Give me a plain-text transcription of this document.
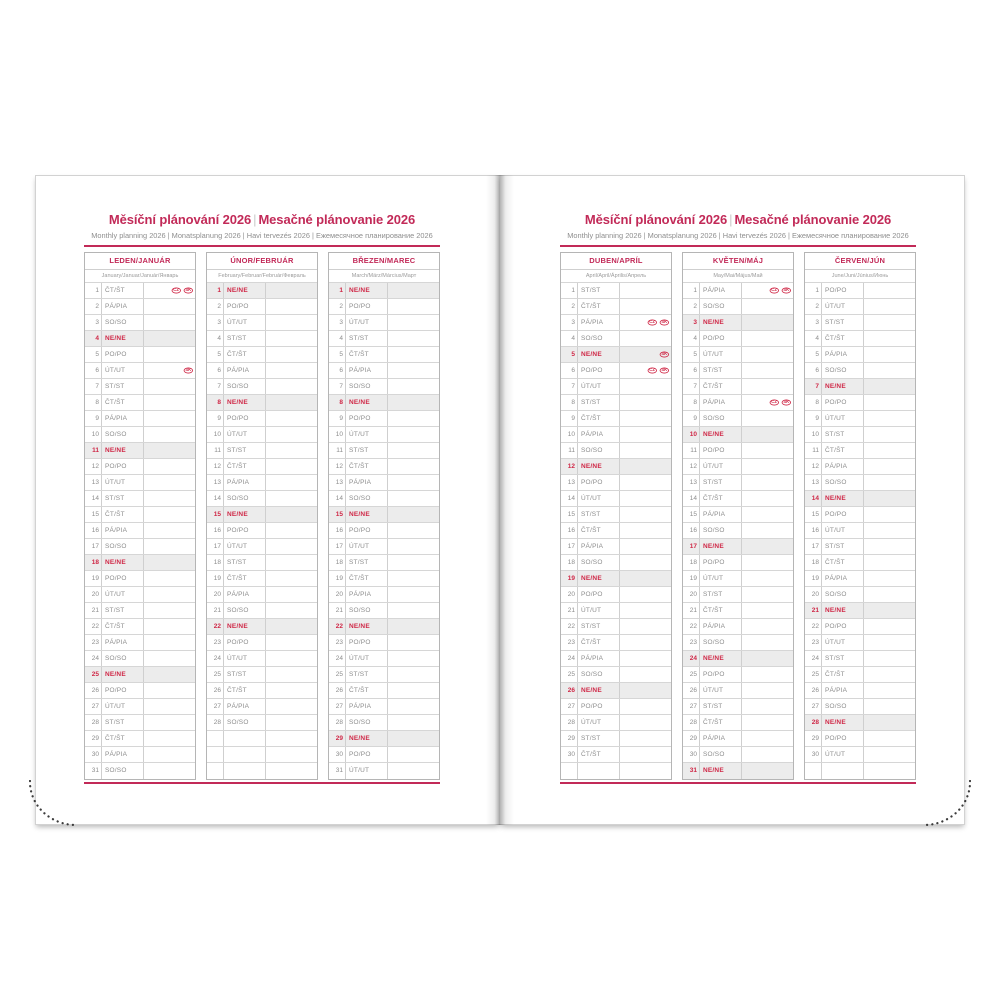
Měsíční plánování 2026 | Mesačné plánovanie 2026
Monthly planning 2026 | Monatsplanung 2026 | Havi tervezés 2026 | Ежемесячное планирование 2026
LEDEN/JANUÁR
January/Januar/Január/Январь
1 ČT/ŠT	CZ	SK
2 PÁ/PIA
3 SO/SO
4 NE/NE
5 PO/PO
6 ÚT/UT	SK
7 ST/ST
8 ČT/ŠT
9 PÁ/PIA
10 SO/SO
11 NE/NE
12 PO/PO
13 ÚT/UT
14 ST/ST
15 ČT/ŠT
16 PÁ/PIA
17 SO/SO
18 NE/NE
19 PO/PO
20 ÚT/UT
21 ST/ST
22 ČT/ŠT
23 PÁ/PIA
24 SO/SO
25 NE/NE
26 PO/PO
27 ÚT/UT
28 ST/ST
29 ČT/ŠT
30 PÁ/PIA
31 SO/SO
ÚNOR/FEBRUÁR
February/Februar/Február/Февраль
1 NE/NE
2 PO/PO
3 ÚT/UT
4 ST/ST
5 ČT/ŠT
6 PÁ/PIA
7 SO/SO
8 NE/NE
9 PO/PO
10 ÚT/UT
11 ST/ST
12 ČT/ŠT
13 PÁ/PIA
14 SO/SO
15 NE/NE
16 PO/PO
17 ÚT/UT
18 ST/ST
19 ČT/ŠT
20 PÁ/PIA
21 SO/SO
22 NE/NE
23 PO/PO
24 ÚT/UT
25 ST/ST
26 ČT/ŠT
27 PÁ/PIA
28 SO/SO
BŘEZEN/MAREC
March/März/Március/Март
1 NE/NE
2 PO/PO
3 ÚT/UT
4 ST/ST
5 ČT/ŠT
6 PÁ/PIA
7 SO/SO
8 NE/NE
9 PO/PO
10 ÚT/UT
11 ST/ST
12 ČT/ŠT
13 PÁ/PIA
14 SO/SO
15 NE/NE
16 PO/PO
17 ÚT/UT
18 ST/ST
19 ČT/ŠT
20 PÁ/PIA
21 SO/SO
22 NE/NE
23 PO/PO
24 ÚT/UT
25 ST/ST
26 ČT/ŠT
27 PÁ/PIA
28 SO/SO
29 NE/NE
30 PO/PO
31 ÚT/UT
Měsíční plánování 2026 | Mesačné plánovanie 2026
Monthly planning 2026 | Monatsplanung 2026 | Havi tervezés 2026 | Ежемесячное планирование 2026
DUBEN/APRÍL
April/April/Április/Апрель
1 ST/ST
2 ČT/ŠT
3 PÁ/PIA	CZ	SK
4 SO/SO
5 NE/NE	SK
6 PO/PO	CZ	SK
7 ÚT/UT
8 ST/ST
9 ČT/ŠT
10 PÁ/PIA
11 SO/SO
12 NE/NE
13 PO/PO
14 ÚT/UT
15 ST/ST
16 ČT/ŠT
17 PÁ/PIA
18 SO/SO
19 NE/NE
20 PO/PO
21 ÚT/UT
22 ST/ST
23 ČT/ŠT
24 PÁ/PIA
25 SO/SO
26 NE/NE
27 PO/PO
28 ÚT/UT
29 ST/ST
30 ČT/ŠT
KVĚTEN/MÁJ
May/Mai/Május/Май
1 PÁ/PIA	CZ	SK
2 SO/SO
3 NE/NE
4 PO/PO
5 ÚT/UT
6 ST/ST
7 ČT/ŠT
8 PÁ/PIA	CZ	SK
9 SO/SO
10 NE/NE
11 PO/PO
12 ÚT/UT
13 ST/ST
14 ČT/ŠT
15 PÁ/PIA
16 SO/SO
17 NE/NE
18 PO/PO
19 ÚT/UT
20 ST/ST
21 ČT/ŠT
22 PÁ/PIA
23 SO/SO
24 NE/NE
25 PO/PO
26 ÚT/UT
27 ST/ST
28 ČT/ŠT
29 PÁ/PIA
30 SO/SO
31 NE/NE
ČERVEN/JÚN
June/Juni/Június/Июнь
1 PO/PO
2 ÚT/UT
3 ST/ST
4 ČT/ŠT
5 PÁ/PIA
6 SO/SO
7 NE/NE
8 PO/PO
9 ÚT/UT
10 ST/ST
11 ČT/ŠT
12 PÁ/PIA
13 SO/SO
14 NE/NE
15 PO/PO
16 ÚT/UT
17 ST/ST
18 ČT/ŠT
19 PÁ/PIA
20 SO/SO
21 NE/NE
22 PO/PO
23 ÚT/UT
24 ST/ST
25 ČT/ŠT
26 PÁ/PIA
27 SO/SO
28 NE/NE
29 PO/PO
30 ÚT/UT
